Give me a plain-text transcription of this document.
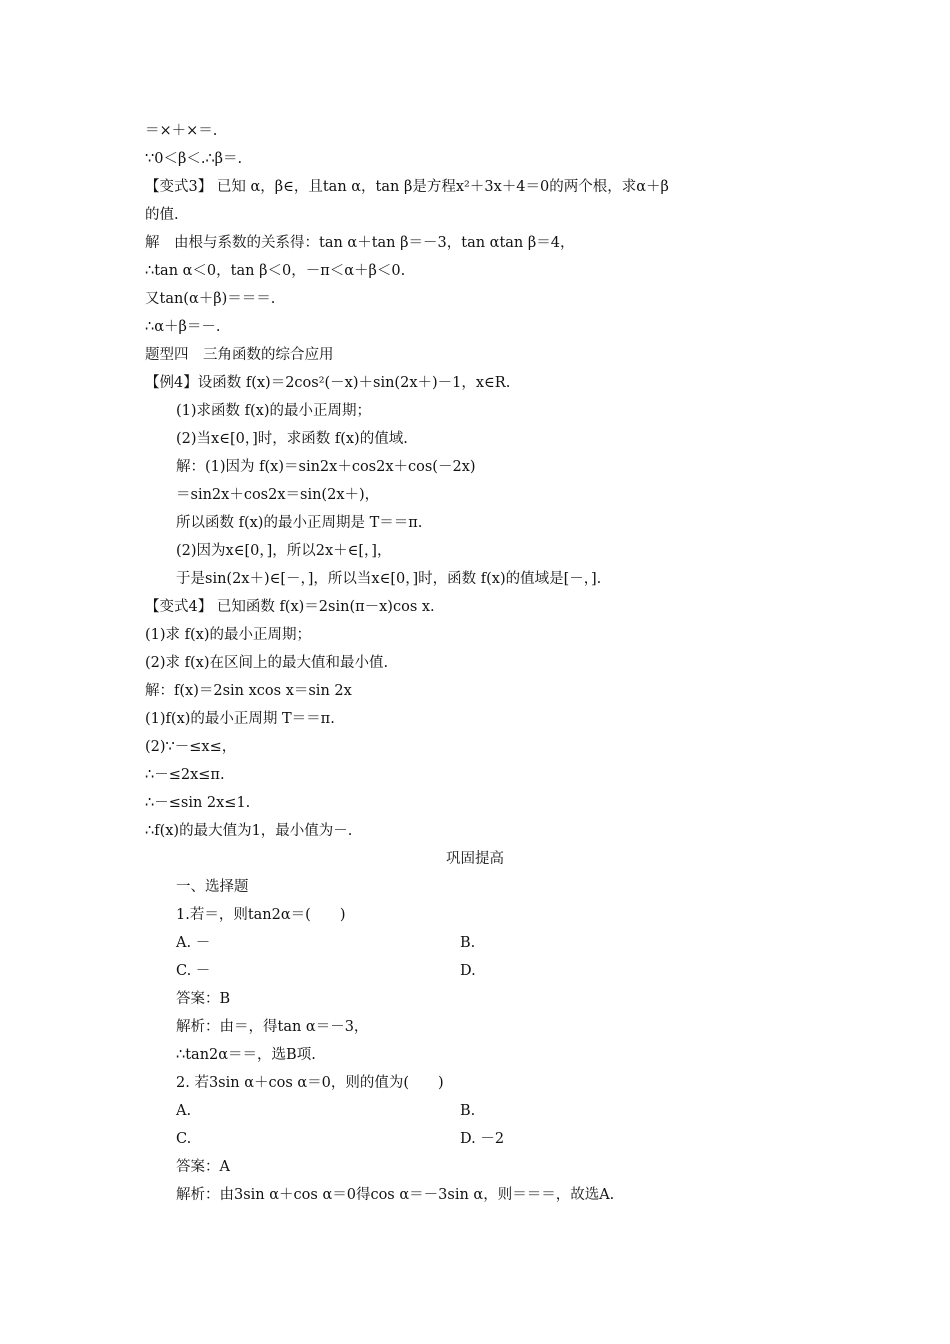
＝×＋×＝.
∵0＜β＜.∴β＝.
【变式3】 已知 α，β∈，且tan α，tan β是方程x²＋3x＋4＝0的两个根，求α＋β
的值.
解　由根与系数的关系得：tan α＋tan β＝－3，tan αtan β＝4，
∴tan α＜0，tan β＜0，－π＜α＋β＜0.
又tan(α＋β)＝＝＝.
∴α＋β＝－.
题型四　三角函数的综合应用
【例4】设函数 f(x)＝2cos²(－x)＋sin(2x＋)－1，x∈R.
(1)求函数 f(x)的最小正周期；
(2)当x∈[0，]时，求函数 f(x)的值域.
解：(1)因为 f(x)＝sin2x＋cos2x＋cos(－2x)
＝sin2x＋cos2x＝sin(2x＋)，
所以函数 f(x)的最小正周期是 T＝＝π.
(2)因为x∈[0，]，所以2x＋∈[，]，
于是sin(2x＋)∈[－，]，所以当x∈[0，]时，函数 f(x)的值域是[－，].
【变式4】 已知函数 f(x)＝2sin(π－x)cos x.
(1)求 f(x)的最小正周期；
(2)求 f(x)在区间上的最大值和最小值.
解：f(x)＝2sin xcos x＝sin 2x
(1)f(x)的最小正周期 T＝＝π.
(2)∵－≤x≤，
∴－≤2x≤π.
∴－≤sin 2x≤1.
∴f(x)的最大值为1，最小值为－.
巩固提高
一、选择题
1.若＝，则tan2α＝(　　)
A. －	B.
C. －	D.
答案：B
解析：由＝，得tan α＝－3，
∴tan2α＝＝，选B项.
2. 若3sin α＋cos α＝0，则的值为(　　)
A.	B.
C.	D. －2
答案：A
解析：由3sin α＋cos α＝0得cos α＝－3sin α，则＝＝＝，故选A.
